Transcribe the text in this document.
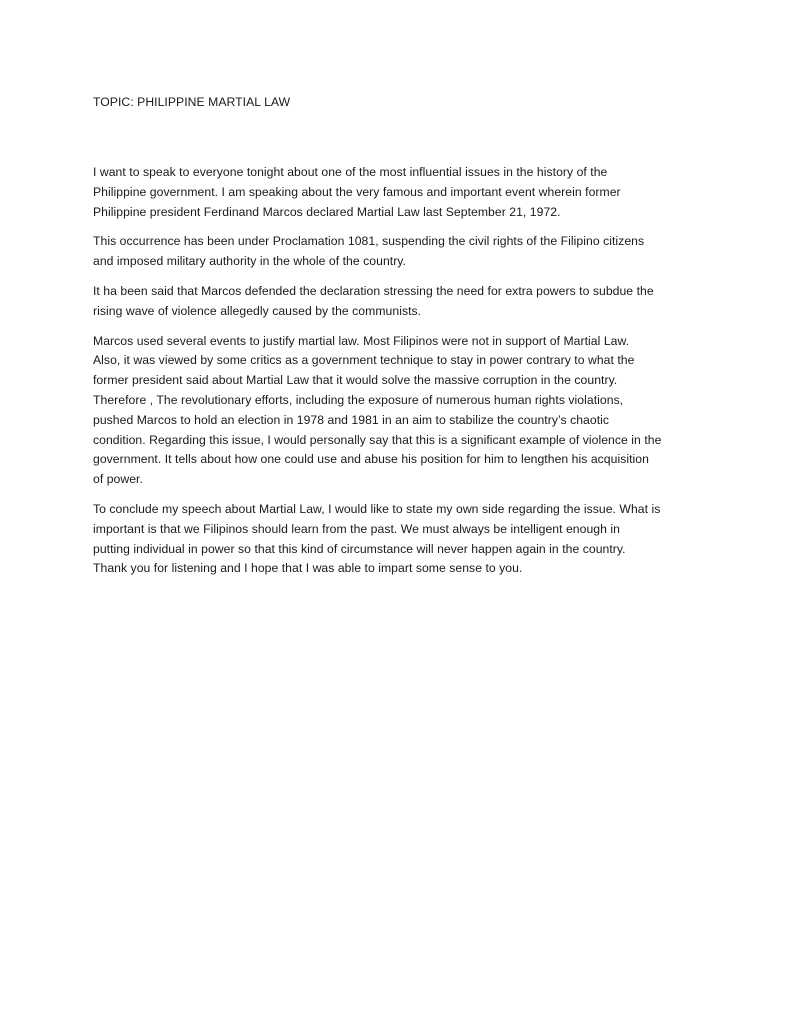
TOPIC: PHILIPPINE MARTIAL LAW

I want to speak to everyone tonight about one of the most influential issues in the history of the
Philippine government. I am speaking about the very famous and important event wherein former
Philippine president Ferdinand Marcos declared Martial Law last September 21, 1972.

This occurrence has been under Proclamation 1081, suspending the civil rights of the Filipino citizens
and imposed military authority in the whole of the country.

It ha been said that Marcos defended the declaration stressing the need for extra powers to subdue the
rising wave of violence allegedly caused by the communists.

Marcos used several events to justify martial law. Most Filipinos were not in support of Martial Law.
Also, it was viewed by some critics as a government technique to stay in power contrary to what the
former president said about Martial Law that it would solve the massive corruption in the country.
Therefore , The revolutionary efforts, including the exposure of numerous human rights violations,
pushed Marcos to hold an election in 1978 and 1981 in an aim to stabilize the country’s chaotic
condition. Regarding this issue, I would personally say that this is a significant example of violence in the
government. It tells about how one could use and abuse his position for him to lengthen his acquisition
of power.

To conclude my speech about Martial Law, I would like to state my own side regarding the issue. What is
important is that we Filipinos should learn from the past. We must always be intelligent enough in
putting individual in power so that this kind of circumstance will never happen again in the country.
Thank you for listening and I hope that I was able to impart some sense to you.
